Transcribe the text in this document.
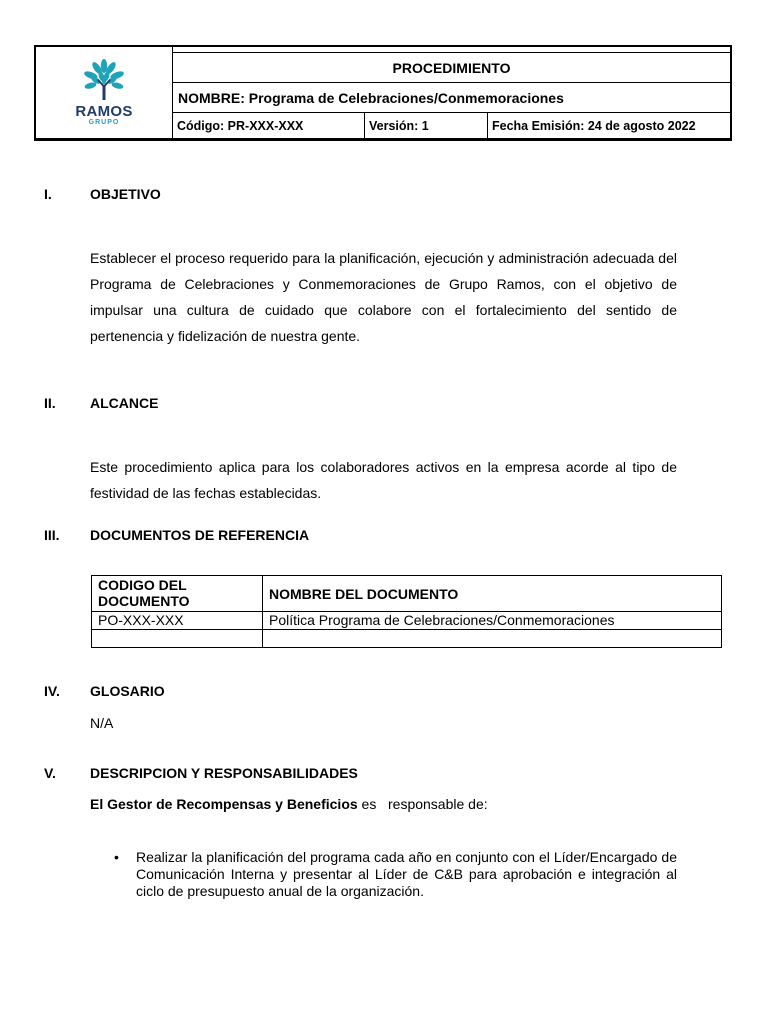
RAMOS
GRUPO
PROCEDIMIENTO
NOMBRE: Programa de Celebraciones/Conmemoraciones
Código: PR-XXX-XXX	Versión: 1	Fecha Emisión: 24 de agosto 2022
I.	OBJETIVO
Establecer el proceso requerido para la planificación, ejecución y administración adecuada del Programa de Celebraciones y Conmemoraciones de Grupo Ramos, con el objetivo de impulsar una cultura de cuidado que colabore con el fortalecimiento del sentido de pertenencia y fidelización de nuestra gente.
II.	ALCANCE
Este procedimiento aplica para los colaboradores activos en la empresa acorde al tipo de festividad de las fechas establecidas.
III.	DOCUMENTOS DE REFERENCIA
CODIGO DEL DOCUMENTO	NOMBRE DEL DOCUMENTO
PO-XXX-XXX	Política Programa de Celebraciones/Conmemoraciones

IV.	GLOSARIO
N/A
V.	DESCRIPCION Y RESPONSABILIDADES
El Gestor de Recompensas y Beneficios es   responsable de:
•	Realizar la planificación del programa cada año en conjunto con el Líder/Encargado de Comunicación Interna y presentar al Líder de C&B para aprobación e integración al ciclo de presupuesto anual de la organización.
